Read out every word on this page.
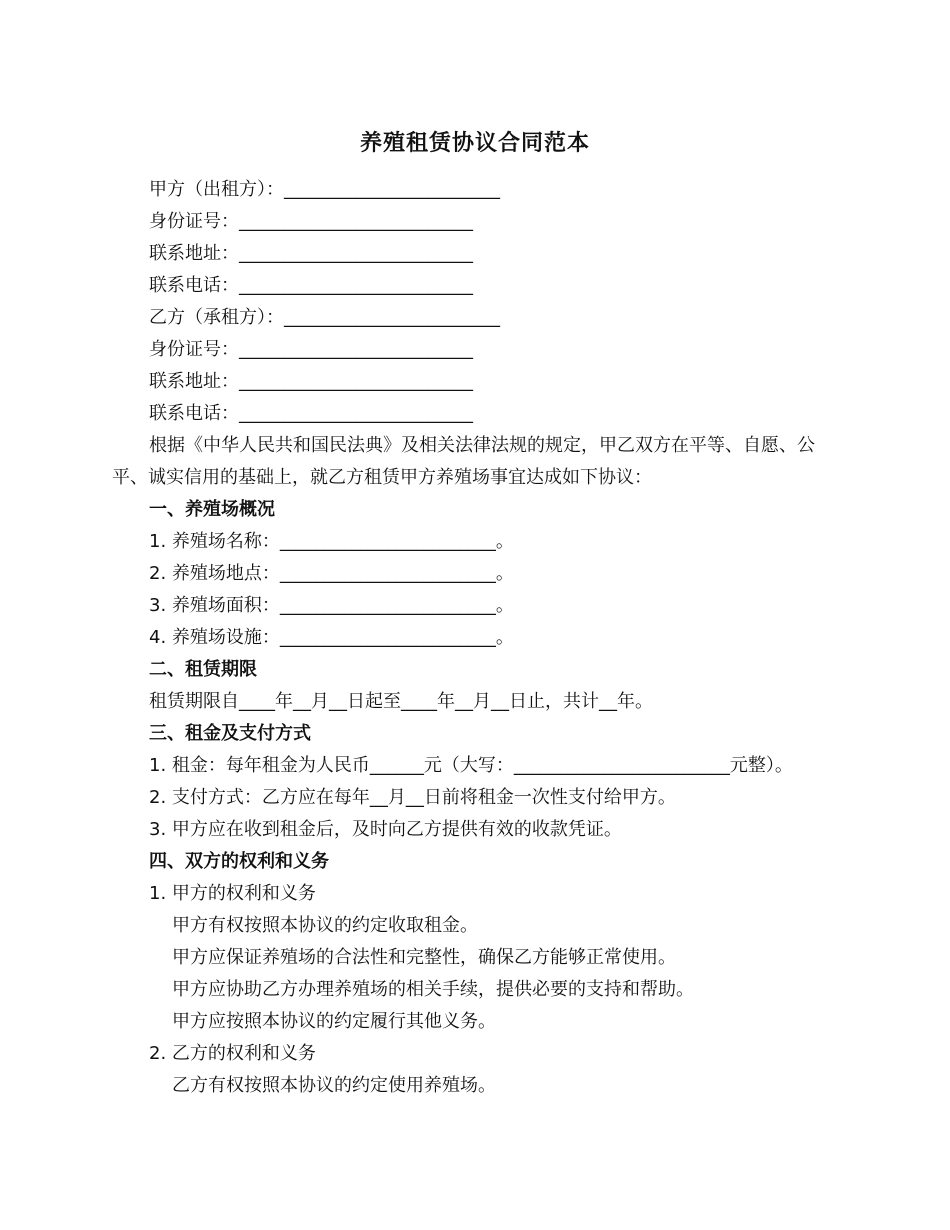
养殖租赁协议合同范本
甲方（出租方）：________________________
身份证号：__________________________
联系地址：__________________________
联系电话：__________________________
乙方（承租方）：________________________
身份证号：__________________________
联系地址：__________________________
联系电话：__________________________
根据《中华人民共和国民法典》及相关法律法规的规定，甲乙双方在平等、自愿、公平、诚实信用的基础上，就乙方租赁甲方养殖场事宜达成如下协议：
一、养殖场概况
1. 养殖场名称：________________________。
2. 养殖场地点：________________________。
3. 养殖场面积：________________________。
4. 养殖场设施：________________________。
二、租赁期限
租赁期限自____年__月__日起至____年__月__日止，共计__年。
三、租金及支付方式
1. 租金：每年租金为人民币______元（大写：________________________元整）。
2. 支付方式：乙方应在每年__月__日前将租金一次性支付给甲方。
3. 甲方应在收到租金后，及时向乙方提供有效的收款凭证。
四、双方的权利和义务
1. 甲方的权利和义务
甲方有权按照本协议的约定收取租金。
甲方应保证养殖场的合法性和完整性，确保乙方能够正常使用。
甲方应协助乙方办理养殖场的相关手续，提供必要的支持和帮助。
甲方应按照本协议的约定履行其他义务。
2. 乙方的权利和义务
乙方有权按照本协议的约定使用养殖场。
